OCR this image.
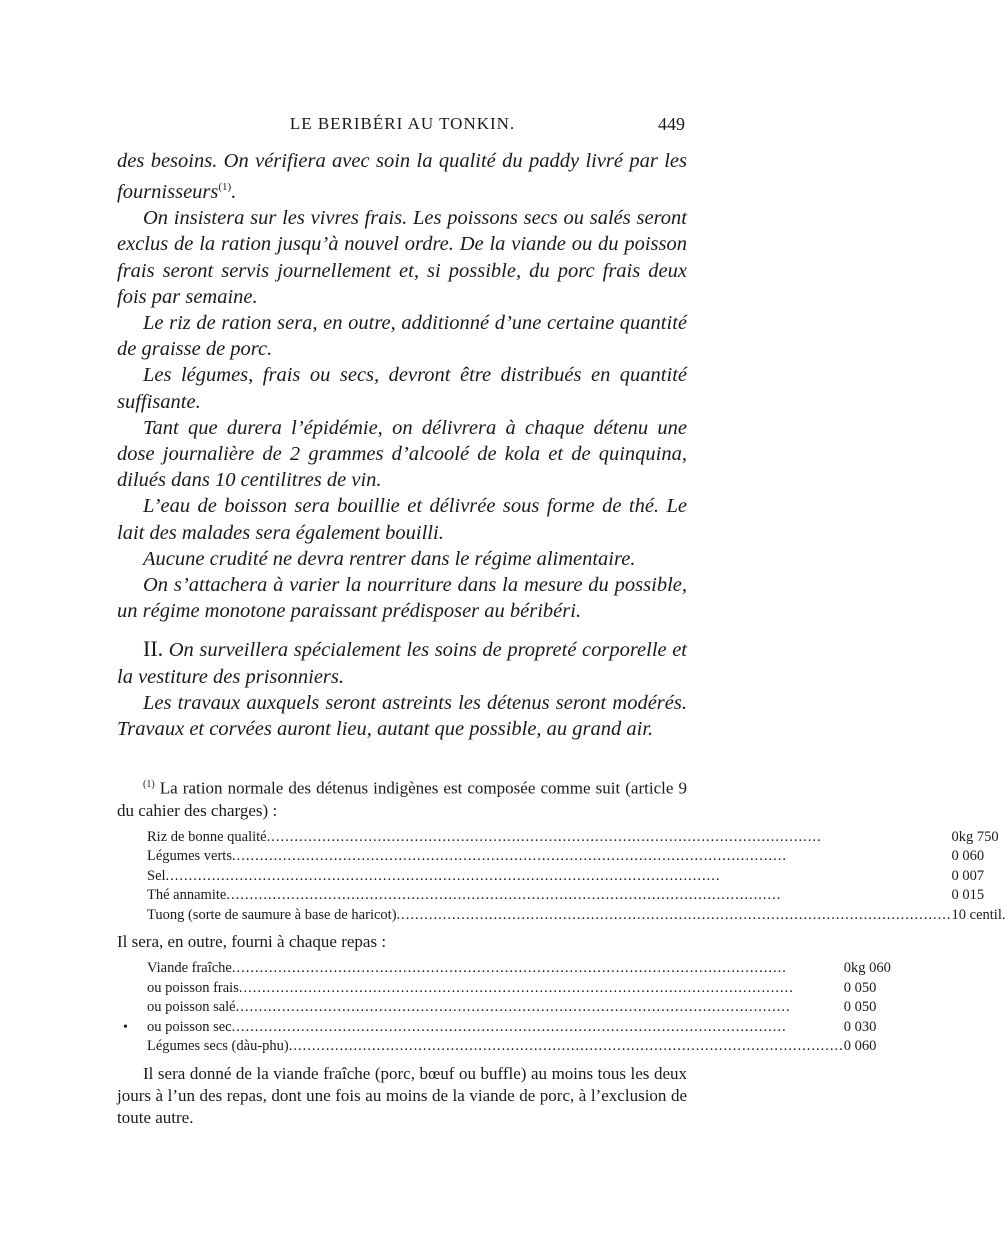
LE BERIBÉRI AU TONKIN.	449

des besoins. On vérifiera avec soin la qualité du paddy livré par les fournisseurs$^{(1)}$.

On insistera sur les vivres frais. Les poissons secs ou salés seront exclus de la ration jusqu’à nouvel ordre. De la viande ou du poisson frais seront servis journellement et, si possible, du porc frais deux fois par semaine.

Le riz de ration sera, en outre, additionné d’une certaine quantité de graisse de porc.

Les légumes, frais ou secs, devront être distribués en quantité suffisante.

Tant que durera l’épidémie, on délivrera à chaque détenu une dose journalière de 2 grammes d’alcoolé de kola et de quinquina, dilués dans 10 centilitres de vin.

L’eau de boisson sera bouillie et délivrée sous forme de thé. Le lait des malades sera également bouilli.

Aucune crudité ne devra rentrer dans le régime alimentaire.

On s’attachera à varier la nourriture dans la mesure du possible, un régime monotone paraissant prédisposer au béribéri.

II. On surveillera spécialement les soins de propreté corporelle et la vestiture des prisonniers.

Les travaux auxquels seront astreints les détenus seront modérés. Travaux et corvées auront lieu, autant que possible, au grand air.

$^{(1)}$ La ration normale des détenus indigènes est composée comme suit (article 9 du cahier des charges) :

Riz de bonne qualité........................................................................................................................	0kg 750
Légumes verts........................................................................................................................	0 060
Sel........................................................................................................................	0 007
Thé annamite........................................................................................................................	0 015
Tuong (sorte de saumure à base de haricot)........................................................................................................................	10 centil.

Il sera, en outre, fourni à chaque repas :

Viande fraîche........................................................................................................................	0kg 060
ou poisson frais........................................................................................................................	0 050
ou poisson salé........................................................................................................................	0 050

• ou poisson sec........................................................................................................................	0 030
Légumes secs (dàu-phu)........................................................................................................................	0 060

Il sera donné de la viande fraîche (porc, bœuf ou buffle) au moins tous les deux jours à l’un des repas, dont une fois au moins de la viande de porc, à l’exclusion de toute autre.
